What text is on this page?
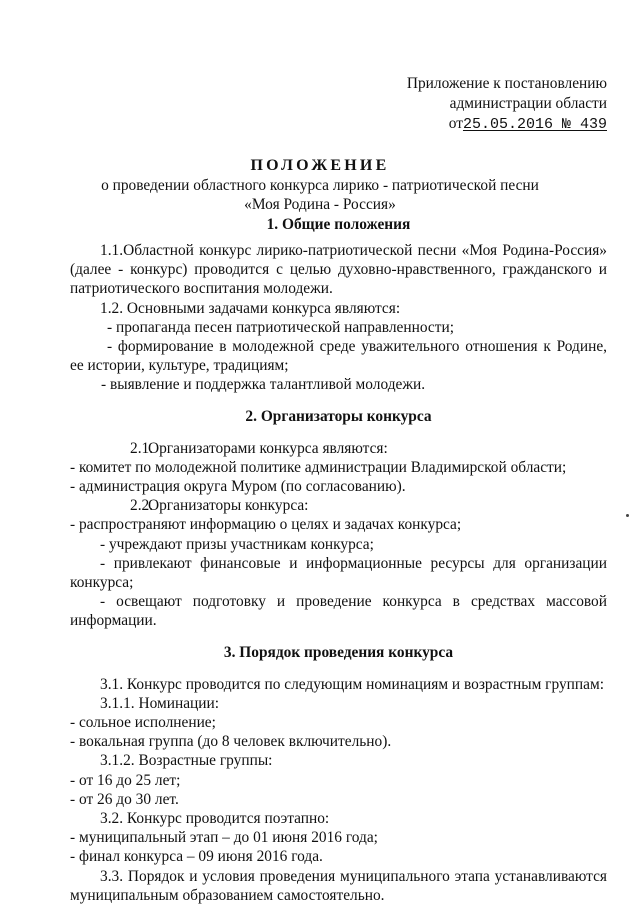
Приложение к постановлению
администрации области
от25.05.2016 № 439
ПОЛОЖЕНИЕ
о проведении областного конкурса лирико - патриотической песни
«Моя Родина - Россия»
1. Общие положения

1.1.Областной конкурс лирико-патриотической песни «Моя Родина-Россия» (далее - конкурс) проводится с целью духовно-нравственного, гражданского и патриотического воспитания молодежи.

1.2. Основными задачами конкурса являются:

- пропаганда песен патриотической направленности;

- формирование в молодежной среде уважительного отношения к Родине, ее истории, культуре, традициям;

- выявление и поддержка талантливой молодежи.

2. Организаторы конкурса

2.1.Организаторами конкурса являются:

- комитет по молодежной политике администрации Владимирской области;

- администрация округа Муром (по согласованию).

2.2.Организаторы конкурса:

- распространяют информацию о целях и задачах конкурса;

- учреждают призы участникам конкурса;

- привлекают финансовые и информационные ресурсы для организации конкурса;

- освещают подготовку и проведение конкурса в средствах массовой информации.

3. Порядок проведения конкурса

3.1. Конкурс проводится по следующим номинациям и возрастным группам:

3.1.1. Номинации:

- сольное исполнение;

- вокальная группа (до 8 человек включительно).

3.1.2. Возрастные группы:

- от 16 до 25 лет;

- от 26 до 30 лет.

3.2. Конкурс проводится поэтапно:

- муниципальный этап – до 01 июня 2016 года;

- финал конкурса – 09 июня 2016 года.

3.3. Порядок и условия проведения муниципального этапа устанавливаются муниципальным образованием самостоятельно.
